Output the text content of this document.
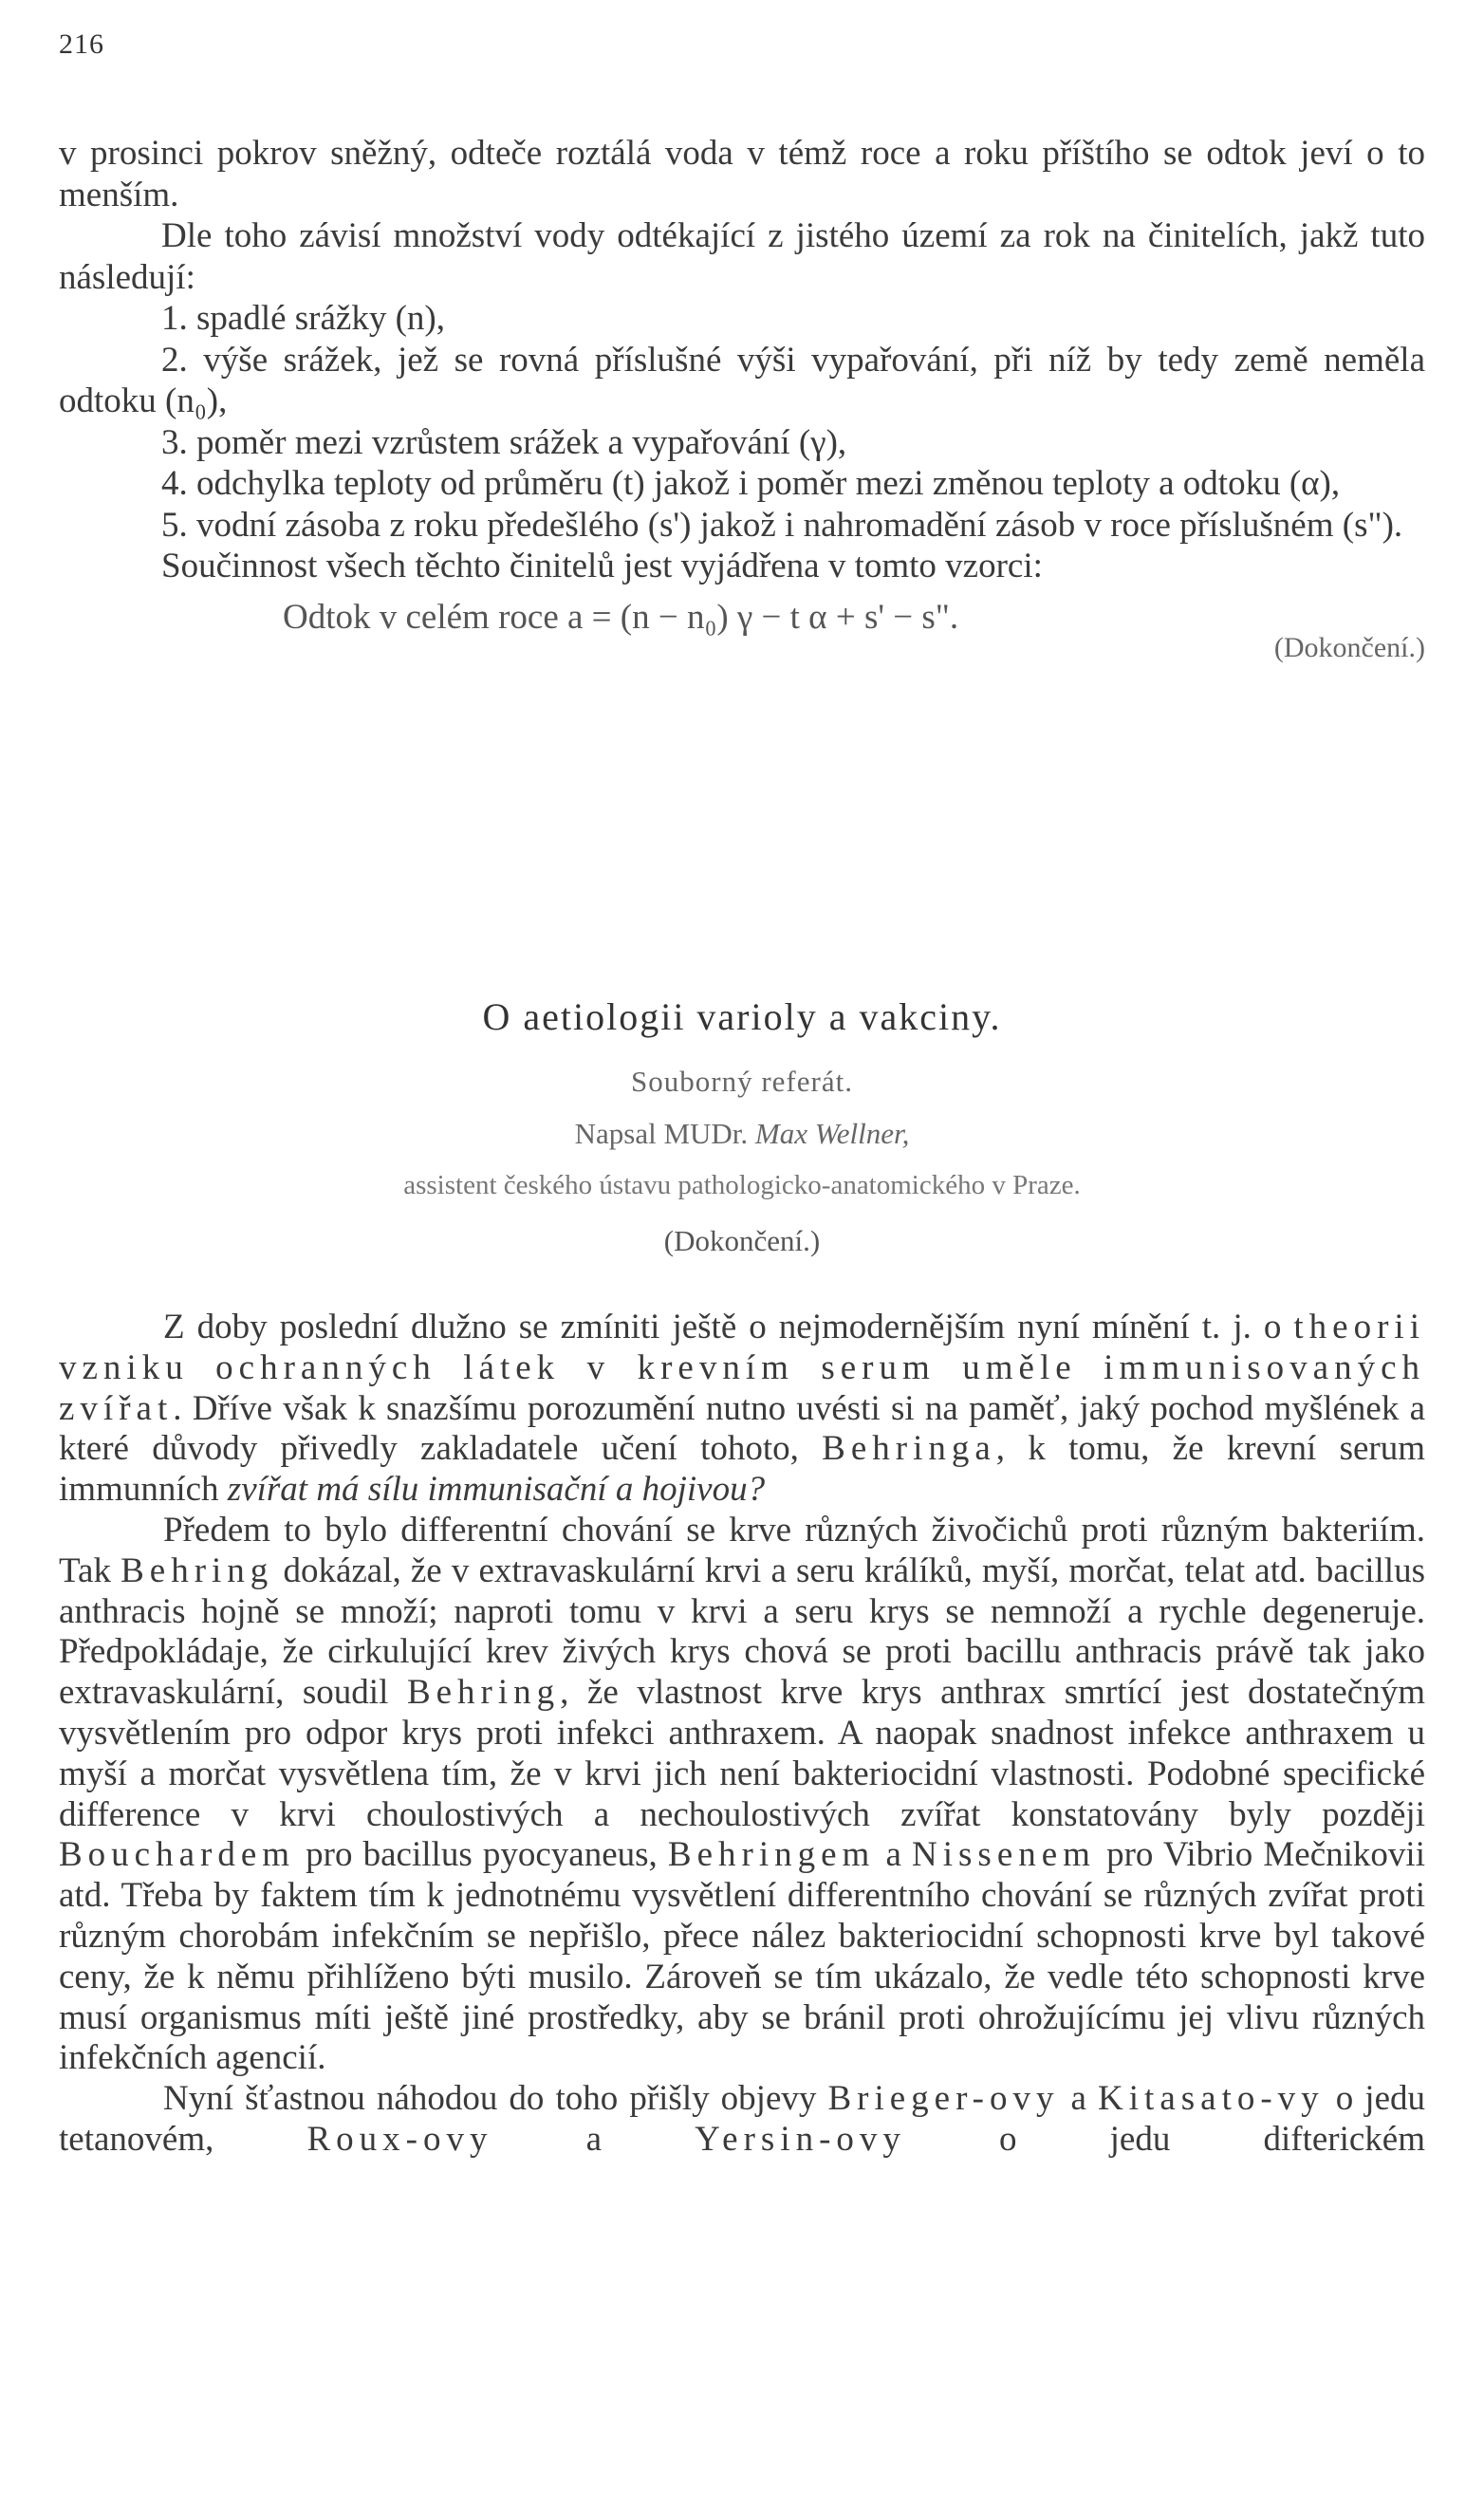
216

v prosinci pokrov sněžný, odteče roztálá voda v témž roce a roku příštího se odtok jeví o to menším.

Dle toho závisí množství vody odtékající z jistého území za rok na činitelích, jakž tuto následují:

1. spadlé srážky (n),

2. výše srážek, jež se rovná příslušné výši vypařování, při níž by tedy země neměla odtoku (n₀),

3. poměr mezi vzrůstem srážek a vypařování (γ),

4. odchylka teploty od průměru (t) jakož i poměr mezi změnou teploty a odtoku (α),

5. vodní zásoba z roku předešlého (s') jakož i nahromadění zásob v roce příslušném (s").

Součinnost všech těchto činitelů jest vyjádřena v tomto vzorci:

Odtok v celém roce a = (n − n₀) γ − t α + s' − s".
(Dokončení.)
O aetiologii varioly a vakciny.
Souborný referát.
Napsal MUDr. Max Wellner,
assistent českého ústavu pathologicko-anatomického v Praze.
(Dokončení.)

Z doby poslední dlužno se zmíniti ještě o nejmodernějším nyní mínění t. j. o theorii vzniku ochranných látek v krevním serum uměle immunisovaných zvířat. Dříve však k snazšímu porozumění nutno uvésti si na paměť, jaký pochod myšlének a které důvody přivedly zakladatele učení tohoto, Behringa, k tomu, že krevní serum immunních zvířat má sílu immunisační a hojivou?

Předem to bylo differentní chování se krve různých živočichů proti různým bakteriím. Tak Behring dokázal, že v extravaskulární krvi a seru králíků, myší, morčat, telat atd. bacillus anthracis hojně se množí; naproti tomu v krvi a seru krys se nemnoží a rychle degeneruje. Předpokládaje, že cirkulující krev živých krys chová se proti bacillu anthracis právě tak jako extravaskulární, soudil Behring, že vlastnost krve krys anthrax smrtící jest dostatečným vysvětlením pro odpor krys proti infekci anthraxem. A naopak snadnost infekce anthraxem u myší a morčat vysvětlena tím, že v krvi jich není bakteriocidní vlastnosti. Podobné specifické difference v krvi choulostivých a nechoulostivých zvířat konstatovány byly později Bouchardem pro bacillus pyocyaneus, Behringem a Nissenem pro Vibrio Mečnikovii atd. Třeba by faktem tím k jednotnému vysvětlení differentního chování se různých zvířat proti různým chorobám infekčním se nepřišlo, přece nález bakteriocidní schopnosti krve byl takové ceny, že k němu přihlíženo býti musilo. Zároveň se tím ukázalo, že vedle této schopnosti krve musí organismus míti ještě jiné prostředky, aby se bránil proti ohrožujícímu jej vlivu různých infekčních agencií.

Nyní šťastnou náhodou do toho přišly objevy Brieger-ovy a Kitasato-vy o jedu tetanovém, Roux-ovy a Yersin-ovy o jedu difterickém
